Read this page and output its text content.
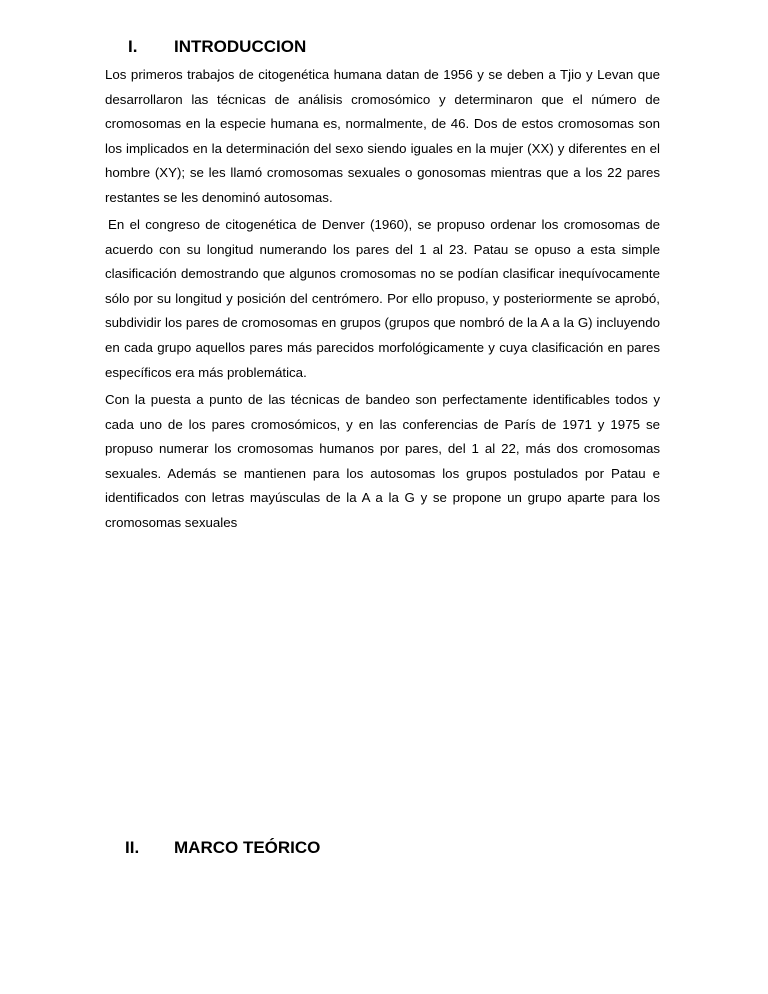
I. INTRODUCCION

Los primeros trabajos de citogenética humana datan de 1956 y se deben a Tjio y Levan que desarrollaron las técnicas de análisis cromosómico y determinaron que el número de cromosomas en la especie humana es, normalmente, de 46. Dos de estos cromosomas son los implicados en la determinación del sexo siendo iguales en la mujer (XX) y diferentes en el hombre (XY); se les llamó cromosomas sexuales o gonosomas mientras que a los 22 pares restantes se les denominó autosomas.

En el congreso de citogenética de Denver (1960), se propuso ordenar los cromosomas de acuerdo con su longitud numerando los pares del 1 al 23. Patau se opuso a esta simple clasificación demostrando que algunos cromosomas no se podían clasificar inequívocamente sólo por su longitud y posición del centrómero. Por ello propuso, y posteriormente se aprobó, subdividir los pares de cromosomas en grupos (grupos que nombró de la A a la G) incluyendo en cada grupo aquellos pares más parecidos morfológicamente y cuya clasificación en pares específicos era más problemática.

Con la puesta a punto de las técnicas de bandeo son perfectamente identificables todos y cada uno de los pares cromosómicos, y en las conferencias de París de 1971 y 1975 se propuso numerar los cromosomas humanos por pares, del 1 al 22, más dos cromosomas sexuales. Además se mantienen para los autosomas los grupos postulados por Patau e identificados con letras mayúsculas de la A a la G y se propone un grupo aparte para los cromosomas sexuales

II. MARCO TEÓRICO
